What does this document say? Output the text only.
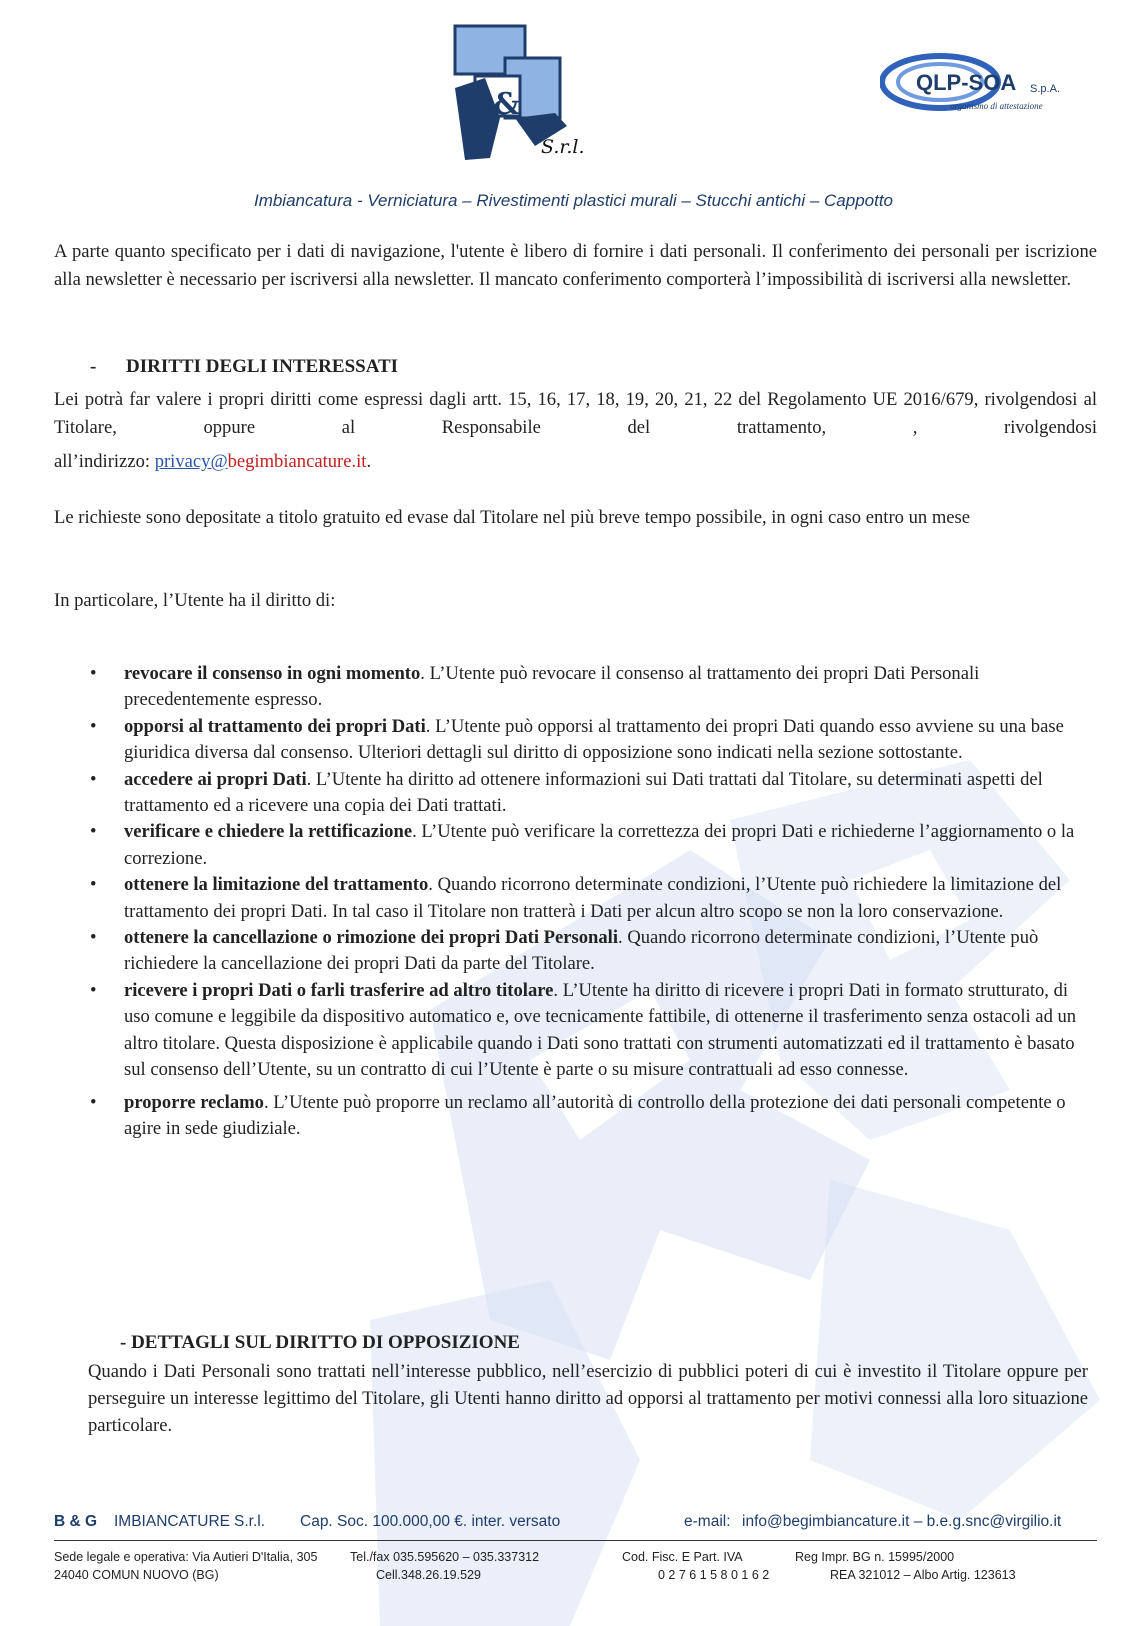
&
S.r.l.
QLP-SOA S.p.A.
organismo di attestazione
Imbiancatura - Verniciatura – Rivestimenti plastici murali – Stucchi antichi – Cappotto
A parte quanto specificato per i dati di navigazione, l'utente è libero di fornire i dati personali. Il conferimento dei personali per iscrizione alla newsletter è necessario per iscriversi alla newsletter. Il mancato conferimento comporterà l’impossibilità di iscriversi alla newsletter.
- DIRITTI DEGLI INTERESSATI
Lei potrà far valere i propri diritti come espressi dagli artt. 15, 16, 17, 18, 19, 20, 21, 22 del Regolamento UE 2016/679, rivolgendosi al Titolare, oppure al Responsabile del trattamento, , rivolgendosi
all’indirizzo: privacy@begimbiancature.it.
Le richieste sono depositate a titolo gratuito ed evase dal Titolare nel più breve tempo possibile, in ogni caso entro un mese
In particolare, l’Utente ha il diritto di:
• revocare il consenso in ogni momento. L’Utente può revocare il consenso al trattamento dei propri Dati Personali precedentemente espresso.
• opporsi al trattamento dei propri Dati. L’Utente può opporsi al trattamento dei propri Dati quando esso avviene su una base giuridica diversa dal consenso. Ulteriori dettagli sul diritto di opposizione sono indicati nella sezione sottostante.
• accedere ai propri Dati. L’Utente ha diritto ad ottenere informazioni sui Dati trattati dal Titolare, su determinati aspetti del trattamento ed a ricevere una copia dei Dati trattati.
• verificare e chiedere la rettificazione. L’Utente può verificare la correttezza dei propri Dati e richiederne l’aggiornamento o la correzione.
• ottenere la limitazione del trattamento. Quando ricorrono determinate condizioni, l’Utente può richiedere la limitazione del trattamento dei propri Dati. In tal caso il Titolare non tratterà i Dati per alcun altro scopo se non la loro conservazione.
• ottenere la cancellazione o rimozione dei propri Dati Personali. Quando ricorrono determinate condizioni, l’Utente può richiedere la cancellazione dei propri Dati da parte del Titolare.
• ricevere i propri Dati o farli trasferire ad altro titolare. L’Utente ha diritto di ricevere i propri Dati in formato strutturato, di uso comune e leggibile da dispositivo automatico e, ove tecnicamente fattibile, di ottenerne il trasferimento senza ostacoli ad un altro titolare. Questa disposizione è applicabile quando i Dati sono trattati con strumenti automatizzati ed il trattamento è basato sul consenso dell’Utente, su un contratto di cui l’Utente è parte o su misure contrattuali ad esso connesse.
• proporre reclamo. L’Utente può proporre un reclamo all’autorità di controllo della protezione dei dati personali competente o agire in sede giudiziale.
- DETTAGLI SUL DIRITTO DI OPPOSIZIONE
Quando i Dati Personali sono trattati nell’interesse pubblico, nell’esercizio di pubblici poteri di cui è investito il Titolare oppure per perseguire un interesse legittimo del Titolare, gli Utenti hanno diritto ad opporsi al trattamento per motivi connessi alla loro situazione particolare.
B & G IMBIANCATURE S.r.l. Cap. Soc. 100.000,00 €. inter. versato	e-mail: info@begimbiancature.it – b.e.g.snc@virgilio.it
Sede legale e operativa: Via Autieri D'Italia, 305
24040 COMUN NUOVO (BG)
Tel./fax 035.595620 – 035.337312
Cell.348.26.19.529
Cod. Fisc. E Part. IVA
0 2 7 6 1 5 8 0 1 6 2
Reg Impr. BG n. 15995/2000
REA 321012 – Albo Artig. 123613
